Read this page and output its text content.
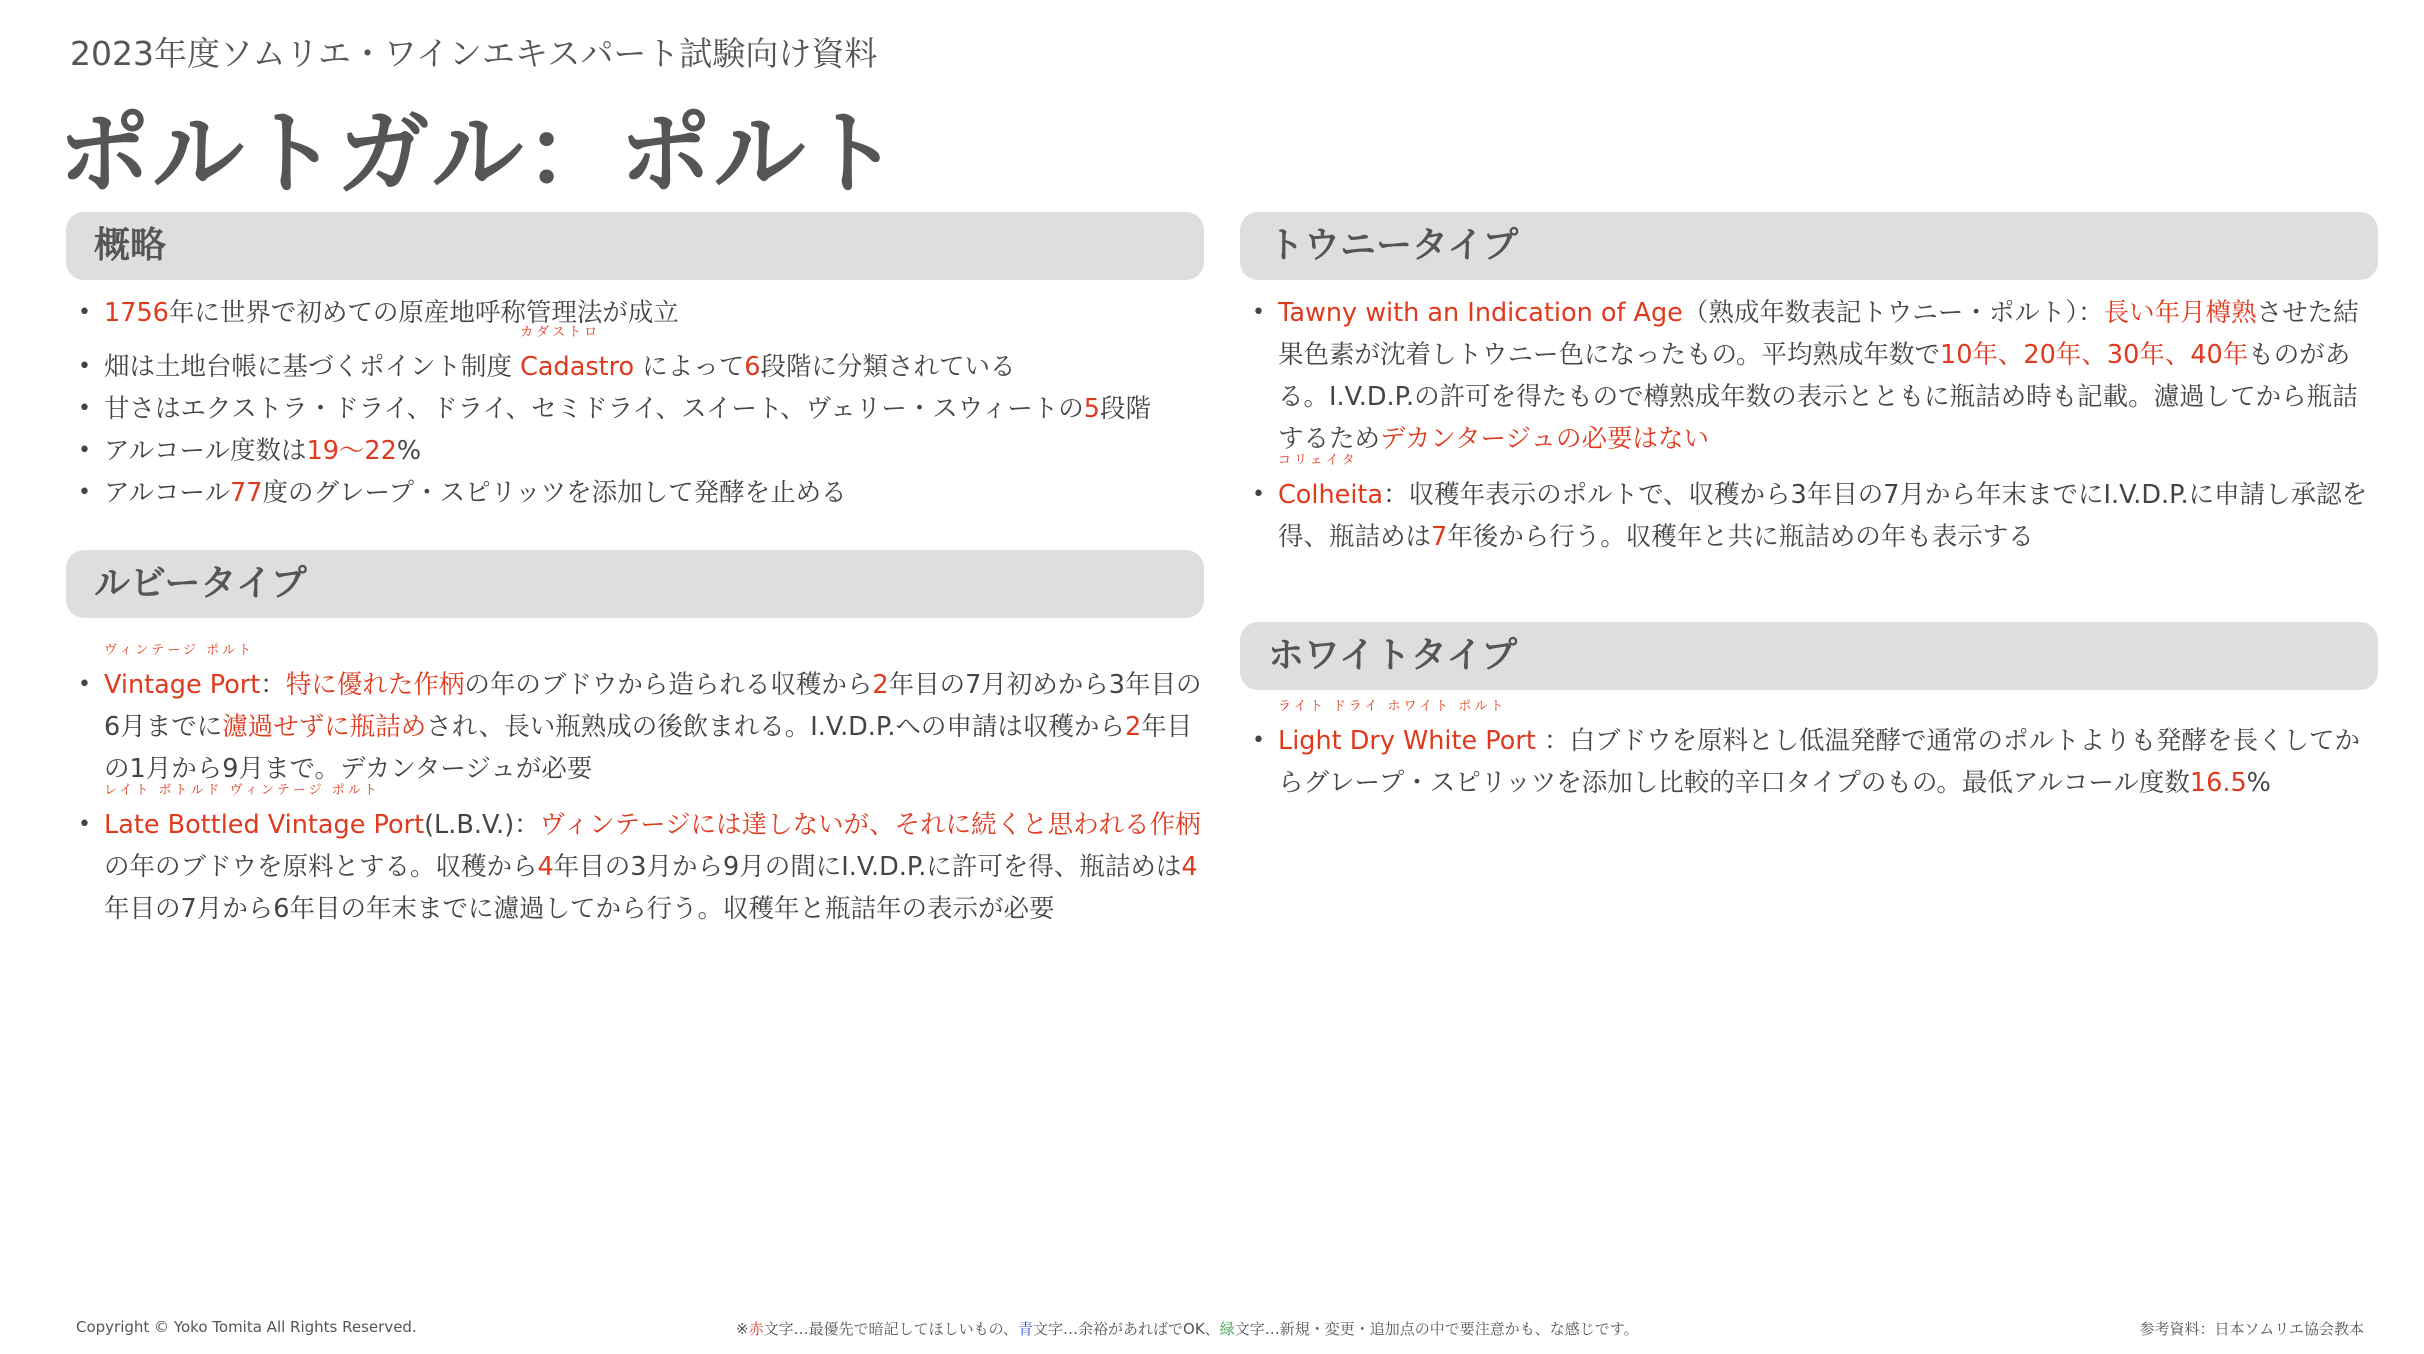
2023年度ソムリエ・ワインエキスパート試験向け資料
ポルトガル：ポルト
概略
• 1756年に世界で初めての原産地呼称管理法が成立
• 畑は土地台帳に基づくポイント制度
カダストロ
Cadastro によって6段階に分類されている
• 甘さはエクストラ・ドライ、ドライ、セミドライ、スイート、ヴェリー・スウィートの5段階
• アルコール度数は19〜22%
• アルコール77度のグレープ・スピリッツを添加して発酵を止める
ルビータイプ
• ヴィンテージ ポルト
Vintage Port：特に優れた作柄の年のブドウから造られる収穫から2年目の7月初めから3年目の6月までに濾過せずに瓶詰めされ、長い瓶熟成の後飲まれる。I.V.D.P.への申請は収穫から2年目の1月から9月まで。デカンタージュが必要
• レイト ボトルド ヴィンテージ ポルト
Late Bottled Vintage Port(L.B.V.)：ヴィンテージには達しないが、それに続くと思われる作柄の年のブドウを原料とする。収穫から4年目の3月から9月の間にI.V.D.P.に許可を得、瓶詰めは4年目の7月から6年目の年末までに濾過してから行う。収穫年と瓶詰年の表示が必要
トウニータイプ
• Tawny with an Indication of Age（熟成年数表記トウニー・ポルト）：長い年月樽熟させた結果色素が沈着しトウニー色になったもの。平均熟成年数で10年、20年、30年、40年ものがある。I.V.D.P.の許可を得たもので樽熟成年数の表示とともに瓶詰め時も記載。濾過してから瓶詰するためデカンタージュの必要はない
• コリェイタ
Colheita：収穫年表示のポルトで、収穫から3年目の7月から年末までにI.V.D.P.に申請し承認を得、瓶詰めは7年後から行う。収穫年と共に瓶詰めの年も表示する
ホワイトタイプ
• ライト ドライ ホワイト ポルト
Light Dry White Port ：白ブドウを原料とし低温発酵で通常のポルトよりも発酵を長くしてからグレープ・スピリッツを添加し比較的辛口タイプのもの。最低アルコール度数16.5%
Copyright © Yoko Tomita All Rights Reserved.	※赤文字…最優先で暗記してほしいもの、青文字…余裕があればでOK、緑文字…新規・変更・追加点の中で要注意かも、な感じです。	参考資料：日本ソムリエ協会教本
